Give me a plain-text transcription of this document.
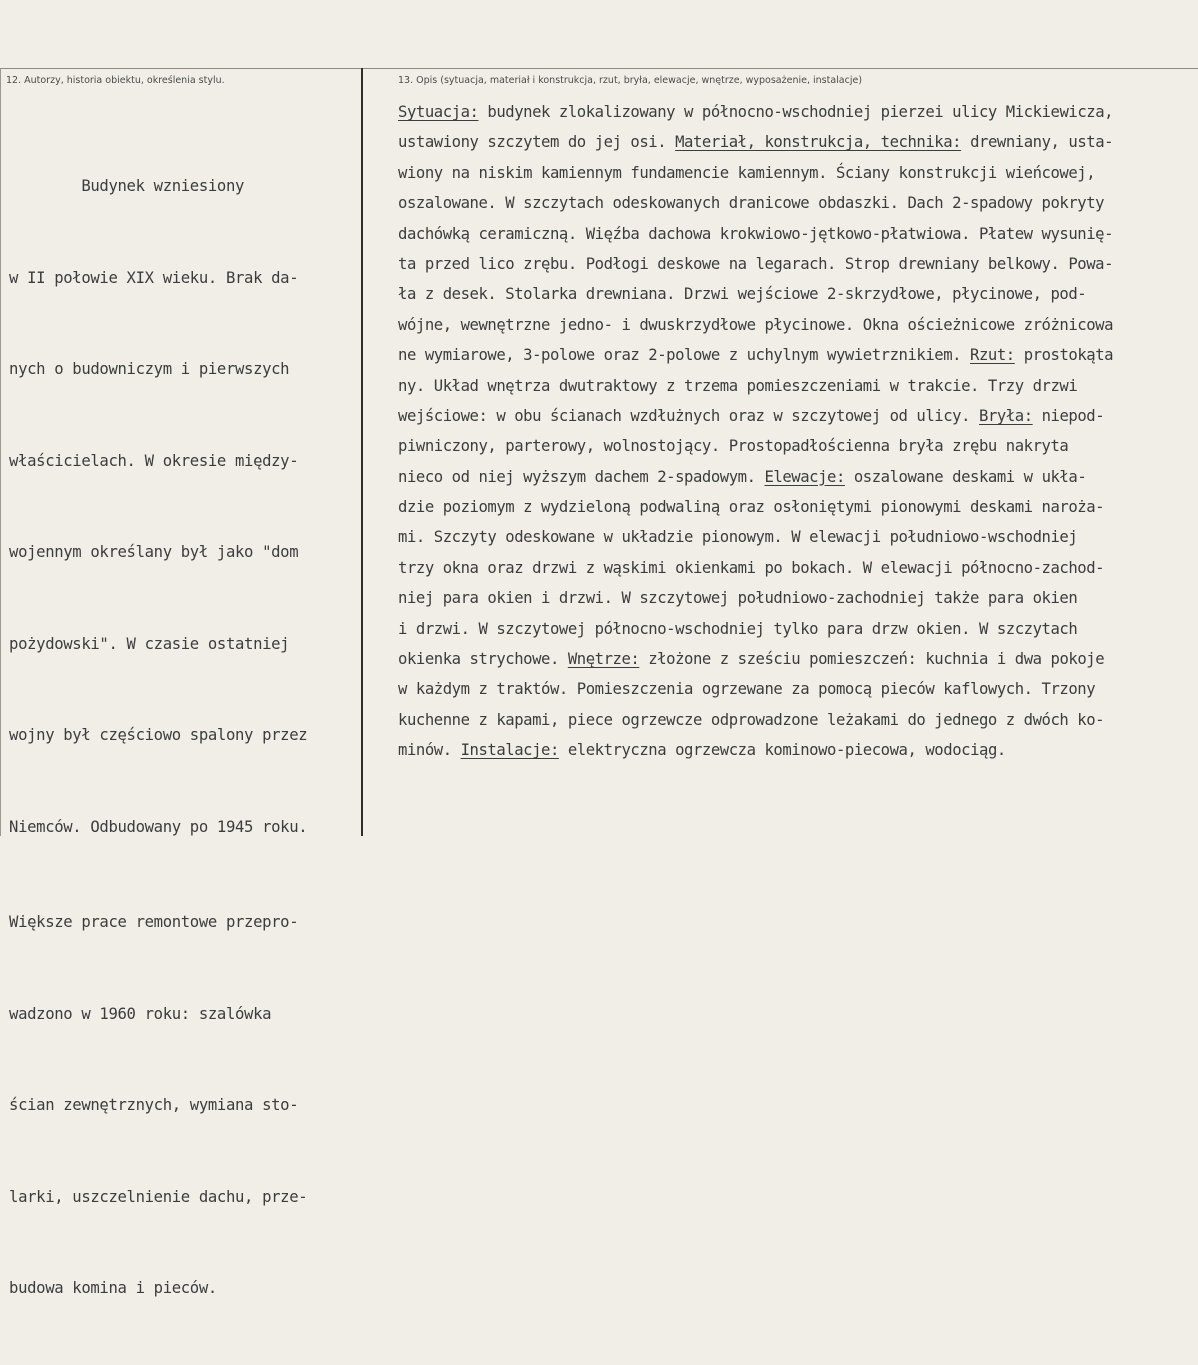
12. Autorzy, historia obiektu, określenia stylu.	13. Opis (sytuacja, materiał i konstrukcja, rzut, bryła, elewacje, wnętrze, wyposażenie, instalacje)

Budynek wzniesiony

w II połowie XIX wieku. Brak da-

nych o budowniczym i pierwszych

właścicielach. W okresie między-

wojennym określany był jako "dom

pożydowski". W czasie ostatniej

wojny był częściowo spalony przez

Niemców. Odbudowany po 1945 roku.

Większe prace remontowe przepro-

wadzono w 1960 roku: szalówka

ścian zewnętrznych, wymiana sto-

larki, uszczelnienie dachu, prze-

budowa komina i pieców.

Sytuacja: budynek zlokalizowany w północno-wschodniej pierzei ulicy Mickiewicza,
ustawiony szczytem do jej osi. Materiał, konstrukcja, technika: drewniany, usta-
wiony na niskim kamiennym fundamencie kamiennym. Ściany konstrukcji wieńcowej,
oszalowane. W szczytach odeskowanych dranicowe obdaszki. Dach 2-spadowy pokryty
dachówką ceramiczną. Więźba dachowa krokwiowo-jętkowo-płatwiowa. Płatew wysunię-
ta przed lico zrębu. Podłogi deskowe na legarach. Strop drewniany belkowy. Powa-
ła z desek. Stolarka drewniana. Drzwi wejściowe 2-skrzydłowe, płycinowe, pod-
wójne, wewnętrzne jedno- i dwuskrzydłowe płycinowe. Okna ościeżnicowe zróżnicowa
ne wymiarowe, 3-polowe oraz 2-polowe z uchylnym wywietrznikiem. Rzut: prostokąta
ny. Układ wnętrza dwutraktowy z trzema pomieszczeniami w trakcie. Trzy drzwi
wejściowe: w obu ścianach wzdłużnych oraz w szczytowej od ulicy. Bryła: niepod-
piwniczony, parterowy, wolnostojący. Prostopadłościenna bryła zrębu nakryta
nieco od niej wyższym dachem 2-spadowym. Elewacje: oszalowane deskami w ukła-
dzie poziomym z wydzieloną podwaliną oraz osłoniętymi pionowymi deskami naroża-
mi. Szczyty odeskowane w układzie pionowym. W elewacji południowo-wschodniej
trzy okna oraz drzwi z wąskimi okienkami po bokach. W elewacji północno-zachod-
niej para okien i drzwi. W szczytowej południowo-zachodniej także para okien
i drzwi. W szczytowej północno-wschodniej tylko para drzw okien. W szczytach
okienka strychowe. Wnętrze: złożone z sześciu pomieszczeń: kuchnia i dwa pokoje
w każdym z traktów. Pomieszczenia ogrzewane za pomocą pieców kaflowych. Trzony
kuchenne z kapami, piece ogrzewcze odprowadzone leżakami do jednego z dwóch ko-
minów. Instalacje: elektryczna ogrzewcza kominowo-piecowa, wodociąg.
